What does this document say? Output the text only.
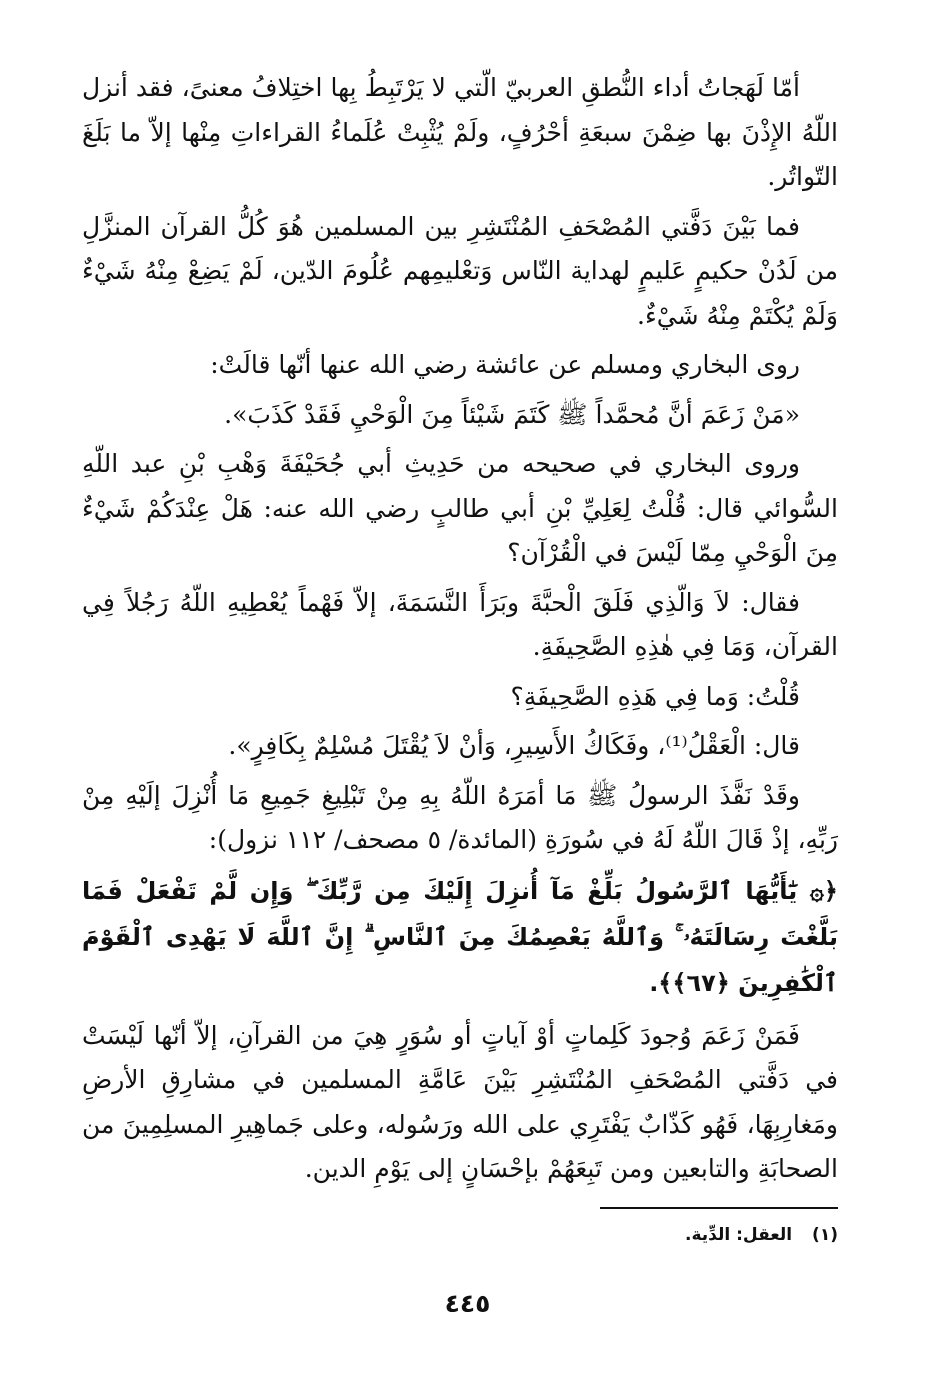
أمّا لَهَجاتُ أداء النُّطقِ العربيّ الّتي لا يَرْتَبِطُ بِها اختِلافُ معنىً، فقد أنزل اللّهُ الإِذْنَ بها ضِمْنَ سبعَةِ أحْرُفٍ، ولَمْ يُثْبِتْ عُلَماءُ القراءاتِ مِنْها إلاّ ما بَلَغَ التّواتُر.

فما بَيْنَ دَفَّتي المُصْحَفِ المُنْتَشِرِ بين المسلمين هُوَ كُلُّ القرآن المنزَّلِ من لَدُنْ حكيمٍ عَليمٍ لهداية النّاس وَتعْليمِهم عُلُومَ الدّين، لَمْ يَضِعْ مِنْهُ شَيْءٌ وَلَمْ يُكْتَمْ مِنْهُ شَيْءٌ.

روى البخاري ومسلم عن عائشة رضي الله عنها أنّها قالَتْ:

«مَنْ زَعَمَ أنَّ مُحمَّداً ﷺ كَتَمَ شَيْئاً مِنَ الْوَحْيِ فَقَدْ كَذَبَ».

وروى البخاري في صحيحه من حَدِيثِ أبي جُحَيْفَةَ وَهْبِ بْنِ عبد اللّهِ السُّوائي قال: قُلْتُ لِعَلِيِّ بْنِ أبي طالبٍ رضي الله عنه: هَلْ عِنْدَكُمْ شَيْءٌ مِنَ الْوَحْيِ مِمّا لَيْسَ في الْقُرْآن؟

فقال: لاَ وَالّذِي فَلَقَ الْحبَّةَ وبَرَأَ النَّسَمَةَ، إلاّ فَهْماً يُعْطِيهِ اللّهُ رَجُلاً فِي القرآن، وَمَا فِي هٰذِهِ الصَّحِيفَةِ.

قُلْتُ: وَما فِي هَذِهِ الصَّحِيفَةِ؟

قال: الْعَقْلُ⁽¹⁾، وفَكَاكُ الأَسِيرِ، وَأنْ لاَ يُقْتَلَ مُسْلِمٌ بِكَافِرٍ».

وقَدْ نَفَّذَ الرسولُ ﷺ مَا أمَرَهُ اللّهُ بِهِ مِنْ تَبْلِيغِ جَمِيعِ مَا أُنْزِلَ إلَيْهِ مِنْ رَبِّهِ، إذْ قَالَ اللّهُ لَهُ في سُورَةِ (المائدة/ ٥ مصحف/ ١١٢ نزول):

﴿۞ يَٰٓأَيُّهَا ٱلرَّسُولُ بَلِّغْ مَآ أُنزِلَ إِلَيْكَ مِن رَّبِّكَ ۖ وَإِن لَّمْ تَفْعَلْ فَمَا بَلَّغْتَ رِسَالَتَهُۥ ۚ وَٱللَّهُ يَعْصِمُكَ مِنَ ٱلنَّاسِ ۗ إِنَّ ٱللَّهَ لَا يَهْدِى ٱلْقَوْمَ ٱلْكَٰفِرِينَ ﴿٦٧﴾﴾.

فَمَنْ زَعَمَ وُجودَ كَلِماتٍ أوْ آياتٍ أو سُوَرٍ هِيَ من القرآنِ، إلاّ أنّها لَيْسَتْ في دَفَّتي المُصْحَفِ المُنْتَشِرِ بَيْنَ عَامَّةِ المسلمين في مشارِقِ الأرضِ ومَغارِبِهَا، فَهُو كَذّابٌ يَفْتَرِي على الله ورَسُوله، وعلى جَماهِيرِ المسلِمِينَ من الصحابَةِ والتابعين ومن تَبِعَهُمْ بإحْسَانٍ إلى يَوْمِ الدين.

(١) العقل: الدِّية.
٤٤٥
